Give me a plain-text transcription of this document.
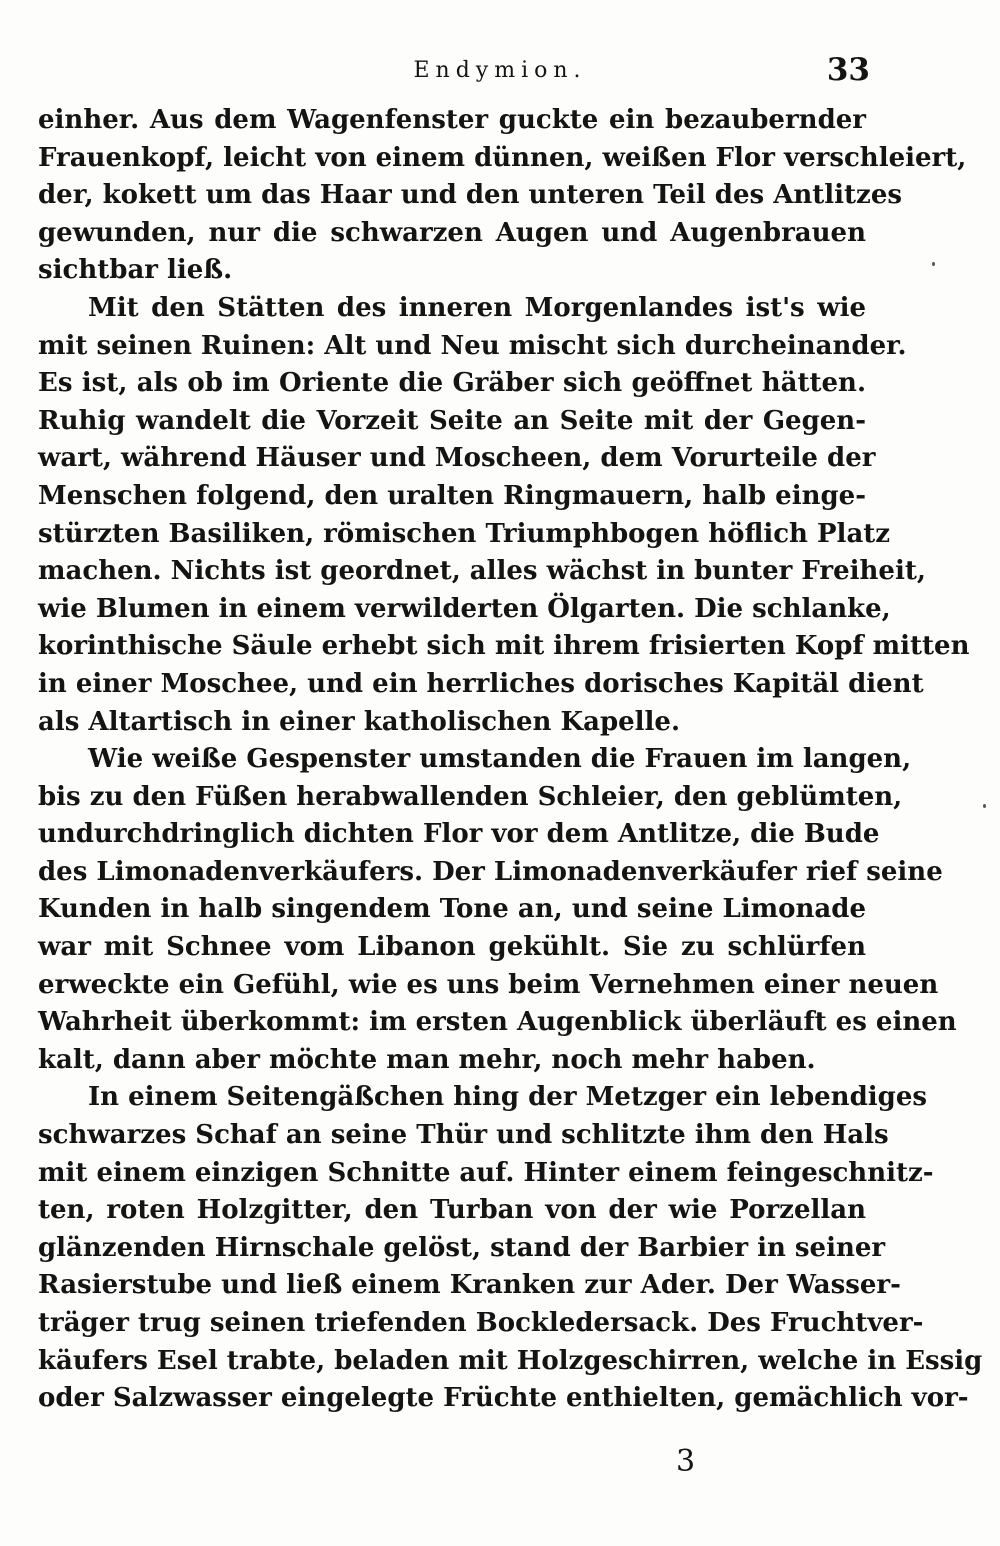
Endymion.	33
einher. Aus dem Wagenfenster guckte ein bezaubernder
Frauenkopf, leicht von einem dünnen, weißen Flor verschleiert,
der, kokett um das Haar und den unteren Teil des Antlitzes
gewunden, nur die schwarzen Augen und Augenbrauen
sichtbar ließ.
Mit den Stätten des inneren Morgenlandes ist's wie
mit seinen Ruinen: Alt und Neu mischt sich durcheinander.
Es ist, als ob im Oriente die Gräber sich geöffnet hätten.
Ruhig wandelt die Vorzeit Seite an Seite mit der Gegen-
wart, während Häuser und Moscheen, dem Vorurteile der
Menschen folgend, den uralten Ringmauern, halb einge-
stürzten Basiliken, römischen Triumphbogen höflich Platz
machen. Nichts ist geordnet, alles wächst in bunter Freiheit,
wie Blumen in einem verwilderten Ölgarten. Die schlanke,
korinthische Säule erhebt sich mit ihrem frisierten Kopf mitten
in einer Moschee, und ein herrliches dorisches Kapitäl dient
als Altartisch in einer katholischen Kapelle.
Wie weiße Gespenster umstanden die Frauen im langen,
bis zu den Füßen herabwallenden Schleier, den geblümten,
undurchdringlich dichten Flor vor dem Antlitze, die Bude
des Limonadenverkäufers. Der Limonadenverkäufer rief seine
Kunden in halb singendem Tone an, und seine Limonade
war mit Schnee vom Libanon gekühlt. Sie zu schlürfen
erweckte ein Gefühl, wie es uns beim Vernehmen einer neuen
Wahrheit überkommt: im ersten Augenblick überläuft es einen
kalt, dann aber möchte man mehr, noch mehr haben.
In einem Seitengäßchen hing der Metzger ein lebendiges
schwarzes Schaf an seine Thür und schlitzte ihm den Hals
mit einem einzigen Schnitte auf. Hinter einem feingeschnitz-
ten, roten Holzgitter, den Turban von der wie Porzellan
glänzenden Hirnschale gelöst, stand der Barbier in seiner
Rasierstube und ließ einem Kranken zur Ader. Der Wasser-
träger trug seinen triefenden Bockledersack. Des Fruchtver-
käufers Esel trabte, beladen mit Holzgeschirren, welche in Essig
oder Salzwasser eingelegte Früchte enthielten, gemächlich vor-
3
